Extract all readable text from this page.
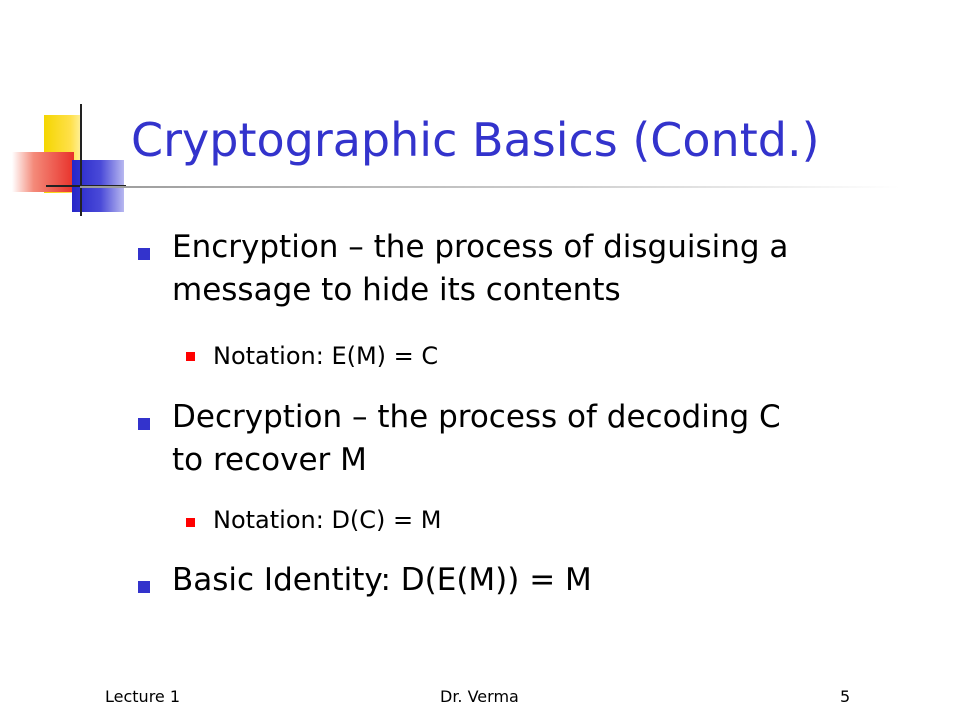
Cryptographic Basics (Contd.)
Encryption – the process of disguising a
message to hide its contents
Notation: E(M) = C
Decryption – the process of decoding C
to recover M
Notation: D(C) = M
Basic Identity: D(E(M)) = M
Lecture 1	Dr. Verma	5
